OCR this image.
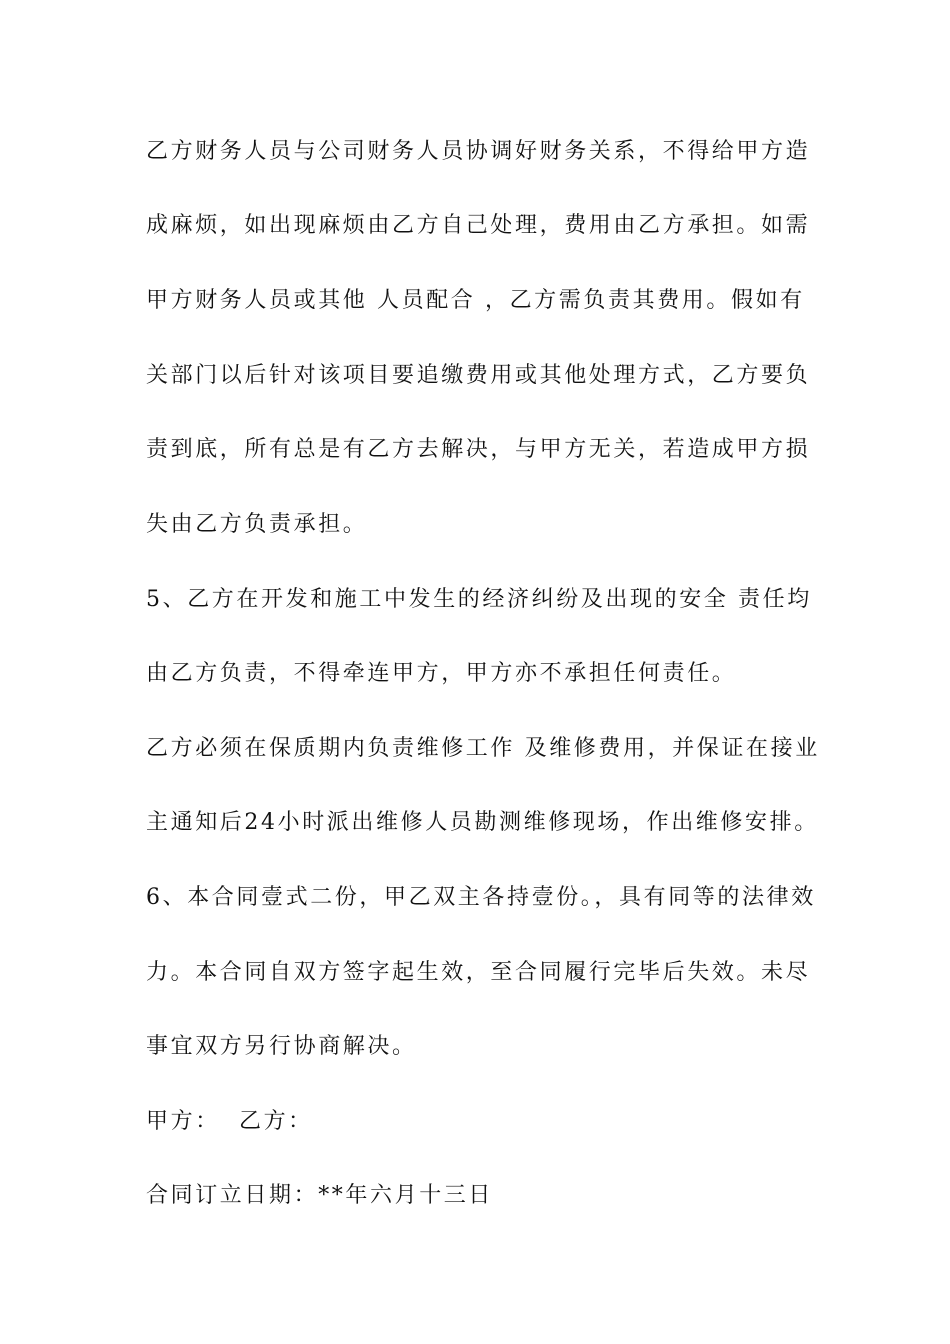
乙方财务人员与公司财务人员协调好财务关系，不得给甲方造
成麻烦，如出现麻烦由乙方自己处理，费用由乙方承担。如需
甲方财务人员或其他 人员配合 ，乙方需负责其费用。假如有
关部门以后针对该项目要追缴费用或其他处理方式，乙方要负
责到底，所有总是有乙方去解决，与甲方无关，若造成甲方损
失由乙方负责承担。
5、乙方在开发和施工中发生的经济纠纷及出现的安全 责任均
由乙方负责，不得牵连甲方，甲方亦不承担任何责任。
乙方必须在保质期内负责维修工作 及维修费用，并保证在接业
主通知后24小时派出维修人员勘测维修现场，作出维修安排。
6、本合同壹式二份，甲乙双主各持壹份。，具有同等的法律效
力。本合同自双方签字起生效，至合同履行完毕后失效。未尽
事宜双方另行协商解决。
甲方：  乙方：
合同订立日期：**年六月十三日
